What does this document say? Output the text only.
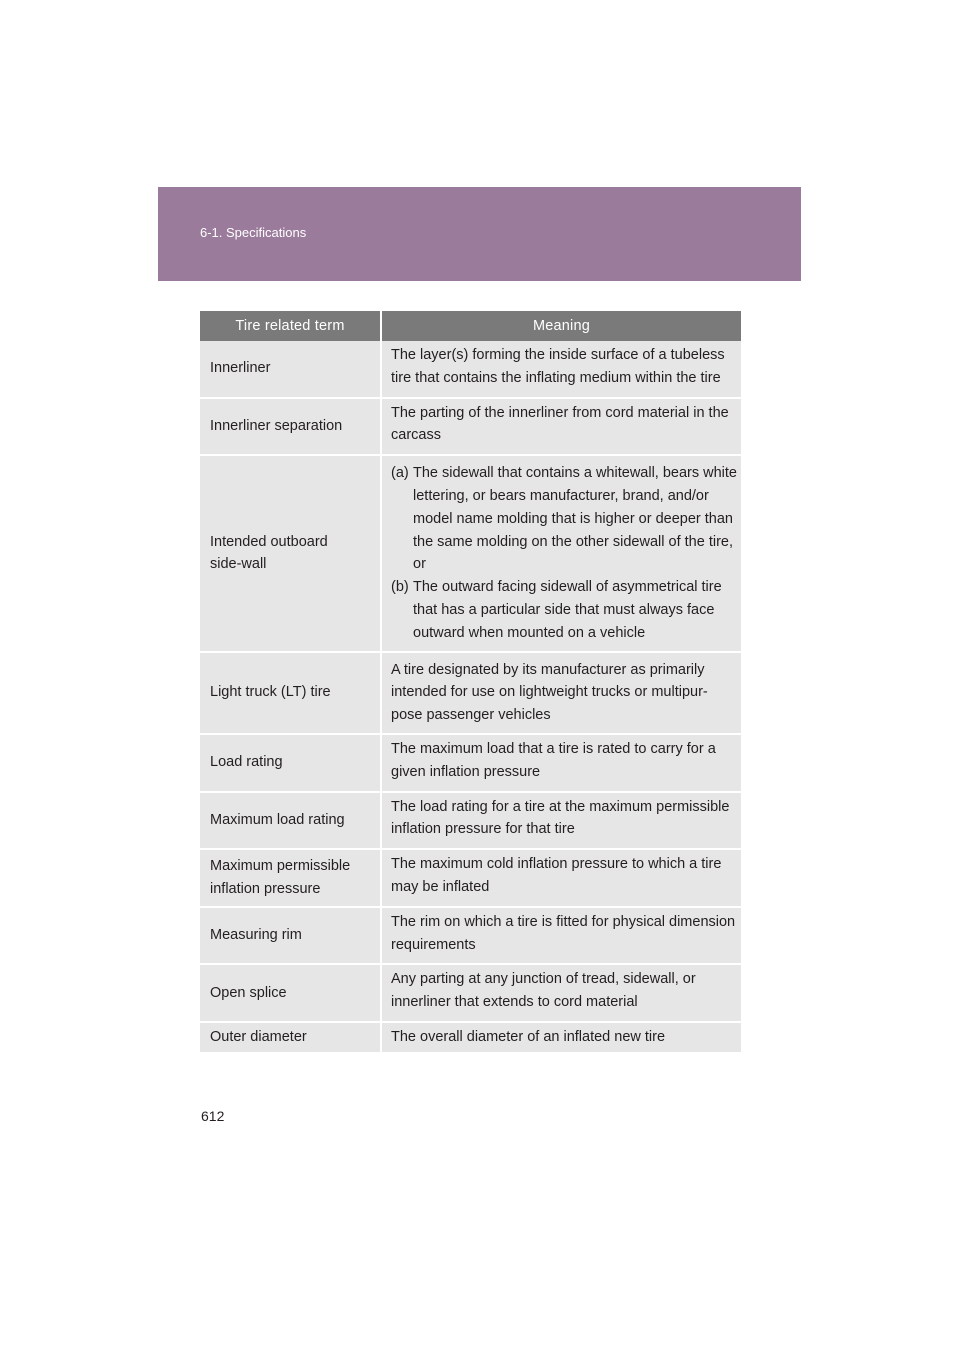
6-1. Specifications
Tire related term	Meaning
Innerliner	The layer(s) forming the inside surface of a tubeless tire that contains the inflating medium within the tire
Innerliner separation	The parting of the innerliner from cord material in the carcass

Intended outboard side-wall	(a) The sidewall that contains a whitewall, bears white lettering, or bears manufacturer, brand, and/or model name molding that is higher or deeper than the same molding on the other sidewall of the tire, or
(b) The outward facing sidewall of asymmetrical tire that has a particular side that must always face outward when mounted on a vehicle

Light truck (LT) tire	A tire designated by its manufacturer as primarily intended for use on lightweight trucks or multipur-pose passenger vehicles
Load rating	The maximum load that a tire is rated to carry for a given inflation pressure
Maximum load rating	The load rating for a tire at the maximum permissible inflation pressure for that tire

Maximum permissible inflation pressure	The maximum cold inflation pressure to which a tire may be inflated
Measuring rim	The rim on which a tire is fitted for physical dimension requirements
Open splice	Any parting at any junction of tread, sidewall, or innerliner that extends to cord material
Outer diameter	The overall diameter of an inflated new tire
612
